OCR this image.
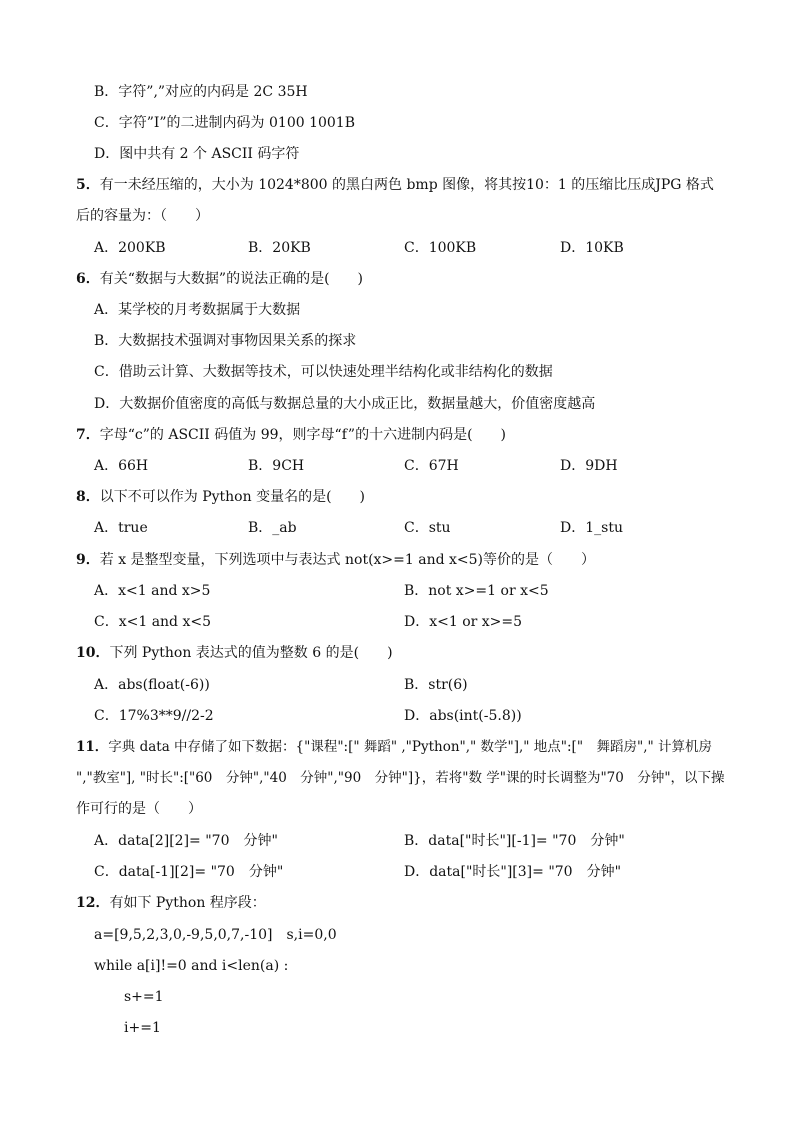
B．字符”,”对应的内码是 2C 35H
C．字符”I”的二进制内码为 0100 1001B
D．图中共有 2 个 ASCII 码字符
5．有一未经压缩的，大小为 1024*800 的黑白两色 bmp 图像，将其按10：1 的压缩比压成JPG 格式
后的容量为：（　　）
A．200KB	B．20KB	C．100KB	D．10KB
6．有关“数据与大数据”的说法正确的是(　　)
A．某学校的月考数据属于大数据
B．大数据技术强调对事物因果关系的探求
C．借助云计算、大数据等技术，可以快速处理半结构化或非结构化的数据
D．大数据价值密度的高低与数据总量的大小成正比，数据量越大，价值密度越高
7．字母“c”的 ASCII 码值为 99，则字母“f”的十六进制内码是(　　)
A．66H	B．9CH	C．67H	D．9DH
8．以下不可以作为 Python 变量名的是(　　)
A．true	B．_ab	C．stu	D．1_stu
9．若 x 是整型变量，下列选项中与表达式 not(x>=1 and x<5)等价的是（　　）
A．x<1 and x>5	B．not x>=1 or x<5
C．x<1 and x<5	D．x<1 or x>=5
10．下列 Python 表达式的值为整数 6 的是(　　)
A．abs(float(-6))	B．str(6)
C．17%3**9//2-2	D．abs(int(-5.8))
11．字典 data 中存储了如下数据：{"课程":[" 舞蹈" ,"Python"," 数学"]," 地点":["　舞蹈房"," 计算机房
","教室"], "时长":["60　分钟","40　分钟","90　分钟"]}，若将"数 学"课的时长调整为"70　分钟"，以下操
作可行的是（　　）
A．data[2][2]= "70　分钟"	B．data["时长"][-1]= "70　分钟"
C．data[-1][2]= "70　分钟"	D．data["时长"][3]= "70　分钟"
12．有如下 Python 程序段：
a=[9,5,2,3,0,-9,5,0,7,-10]　s,i=0,0
while a[i]!=0 and i<len(a) :
s+=1
i+=1
